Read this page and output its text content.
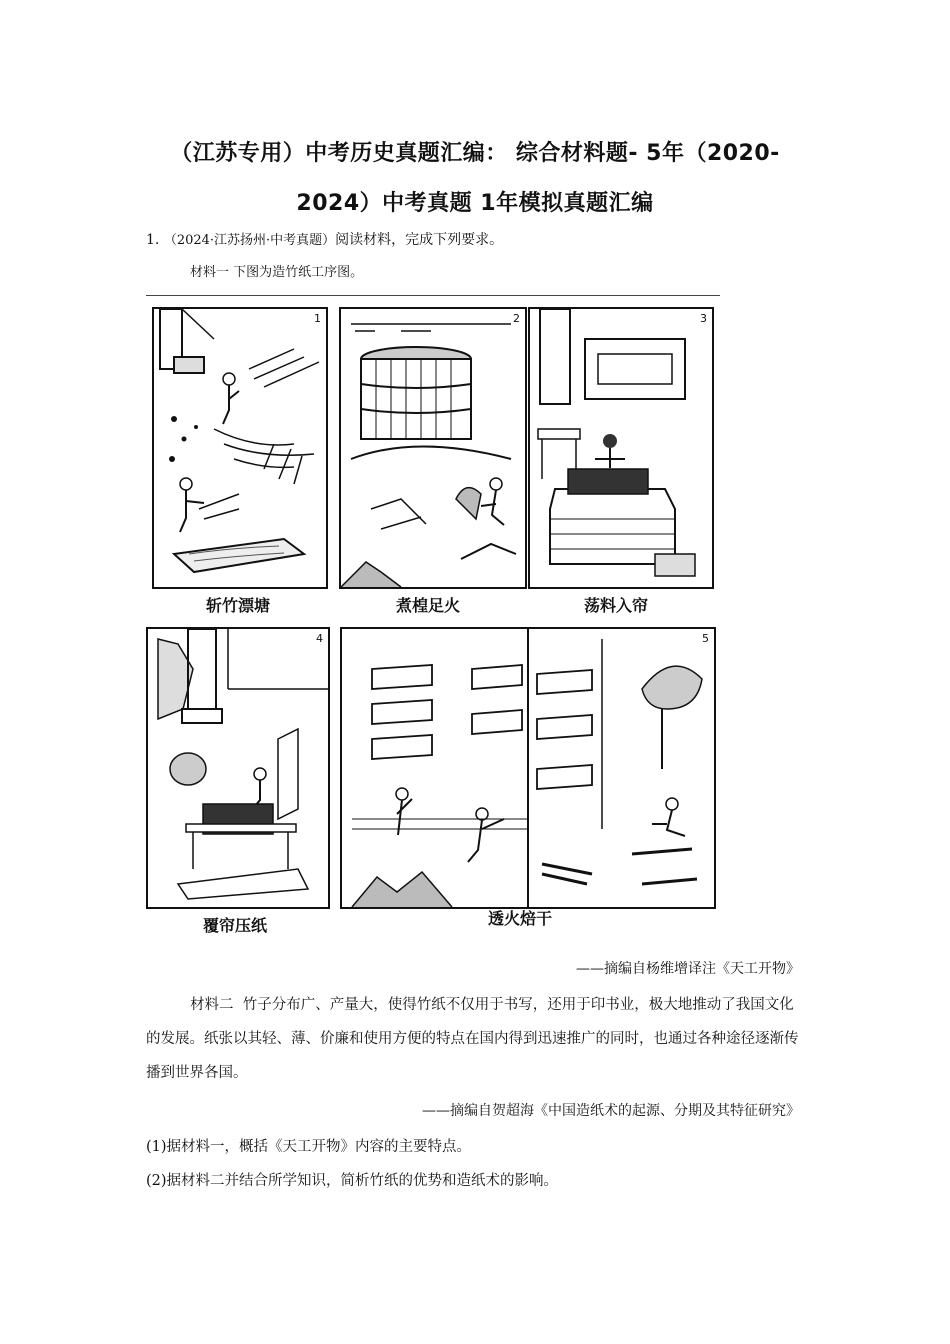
（江苏专用）中考历史真题汇编： 综合材料题- 5年（2020-
2024）中考真题 1年模拟真题汇编
1. （2024·江苏扬州·中考真题）阅读材料，完成下列要求。
材料一 下图为造竹纸工序图。
1
斩竹漂塘
2
煮楻足火
3
荡料入帘
4
覆帘压纸
5
透火焙干
——摘编自杨维增译注《天工开物》
材料二 竹子分布广、产量大，使得竹纸不仅用于书写，还用于印书业，极大地推动了我国文化的发展。纸张以其轻、薄、价廉和使用方便的特点在国内得到迅速推广的同时，也通过各种途径逐渐传播到世界各国。
——摘编自贺超海《中国造纸术的起源、分期及其特征研究》
(1)据材料一，概括《天工开物》内容的主要特点。
(2)据材料二并结合所学知识，简析竹纸的优势和造纸术的影响。
